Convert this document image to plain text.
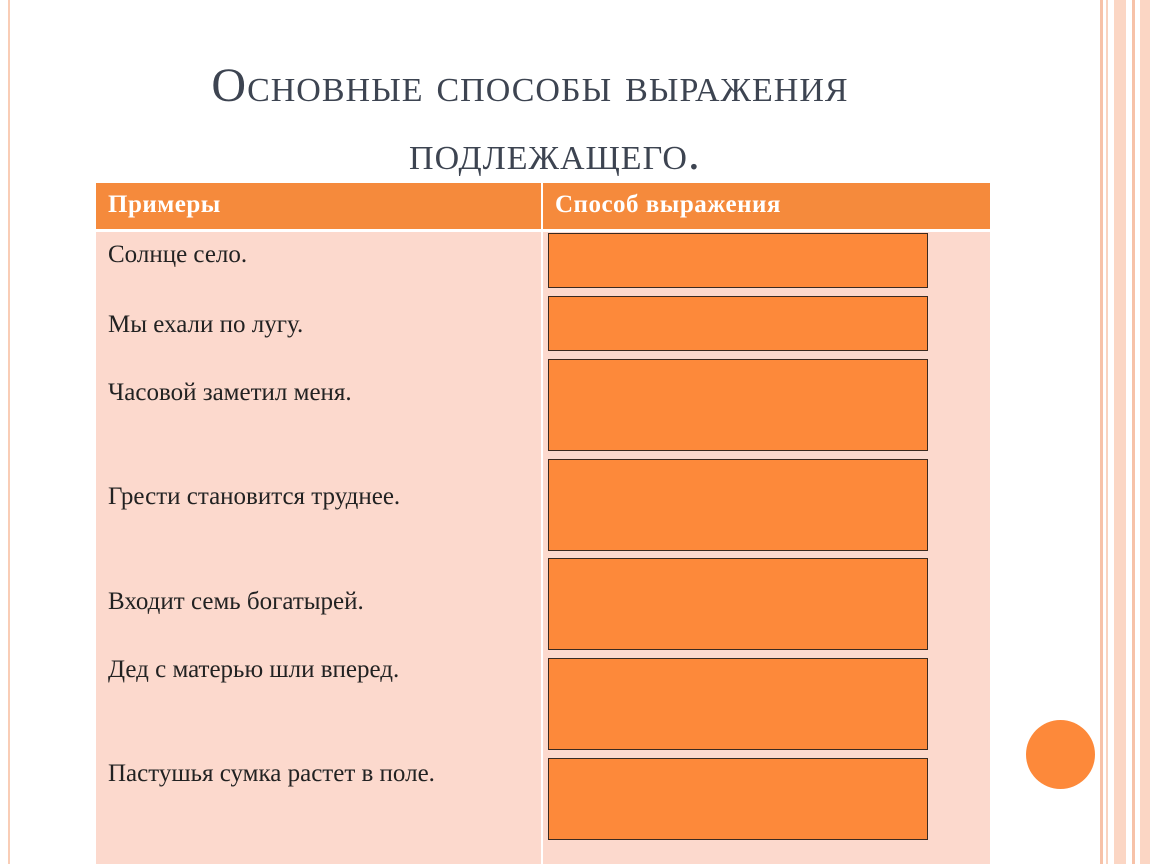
Основные способы выражения
подлежащего.
Примеры	Способ выражения
Солнце село.
Мы ехали по лугу.
Часовой заметил меня.
Грести становится труднее.
Входит семь богатырей.
Дед с матерью шли вперед.
Пастушья сумка растет в поле.
